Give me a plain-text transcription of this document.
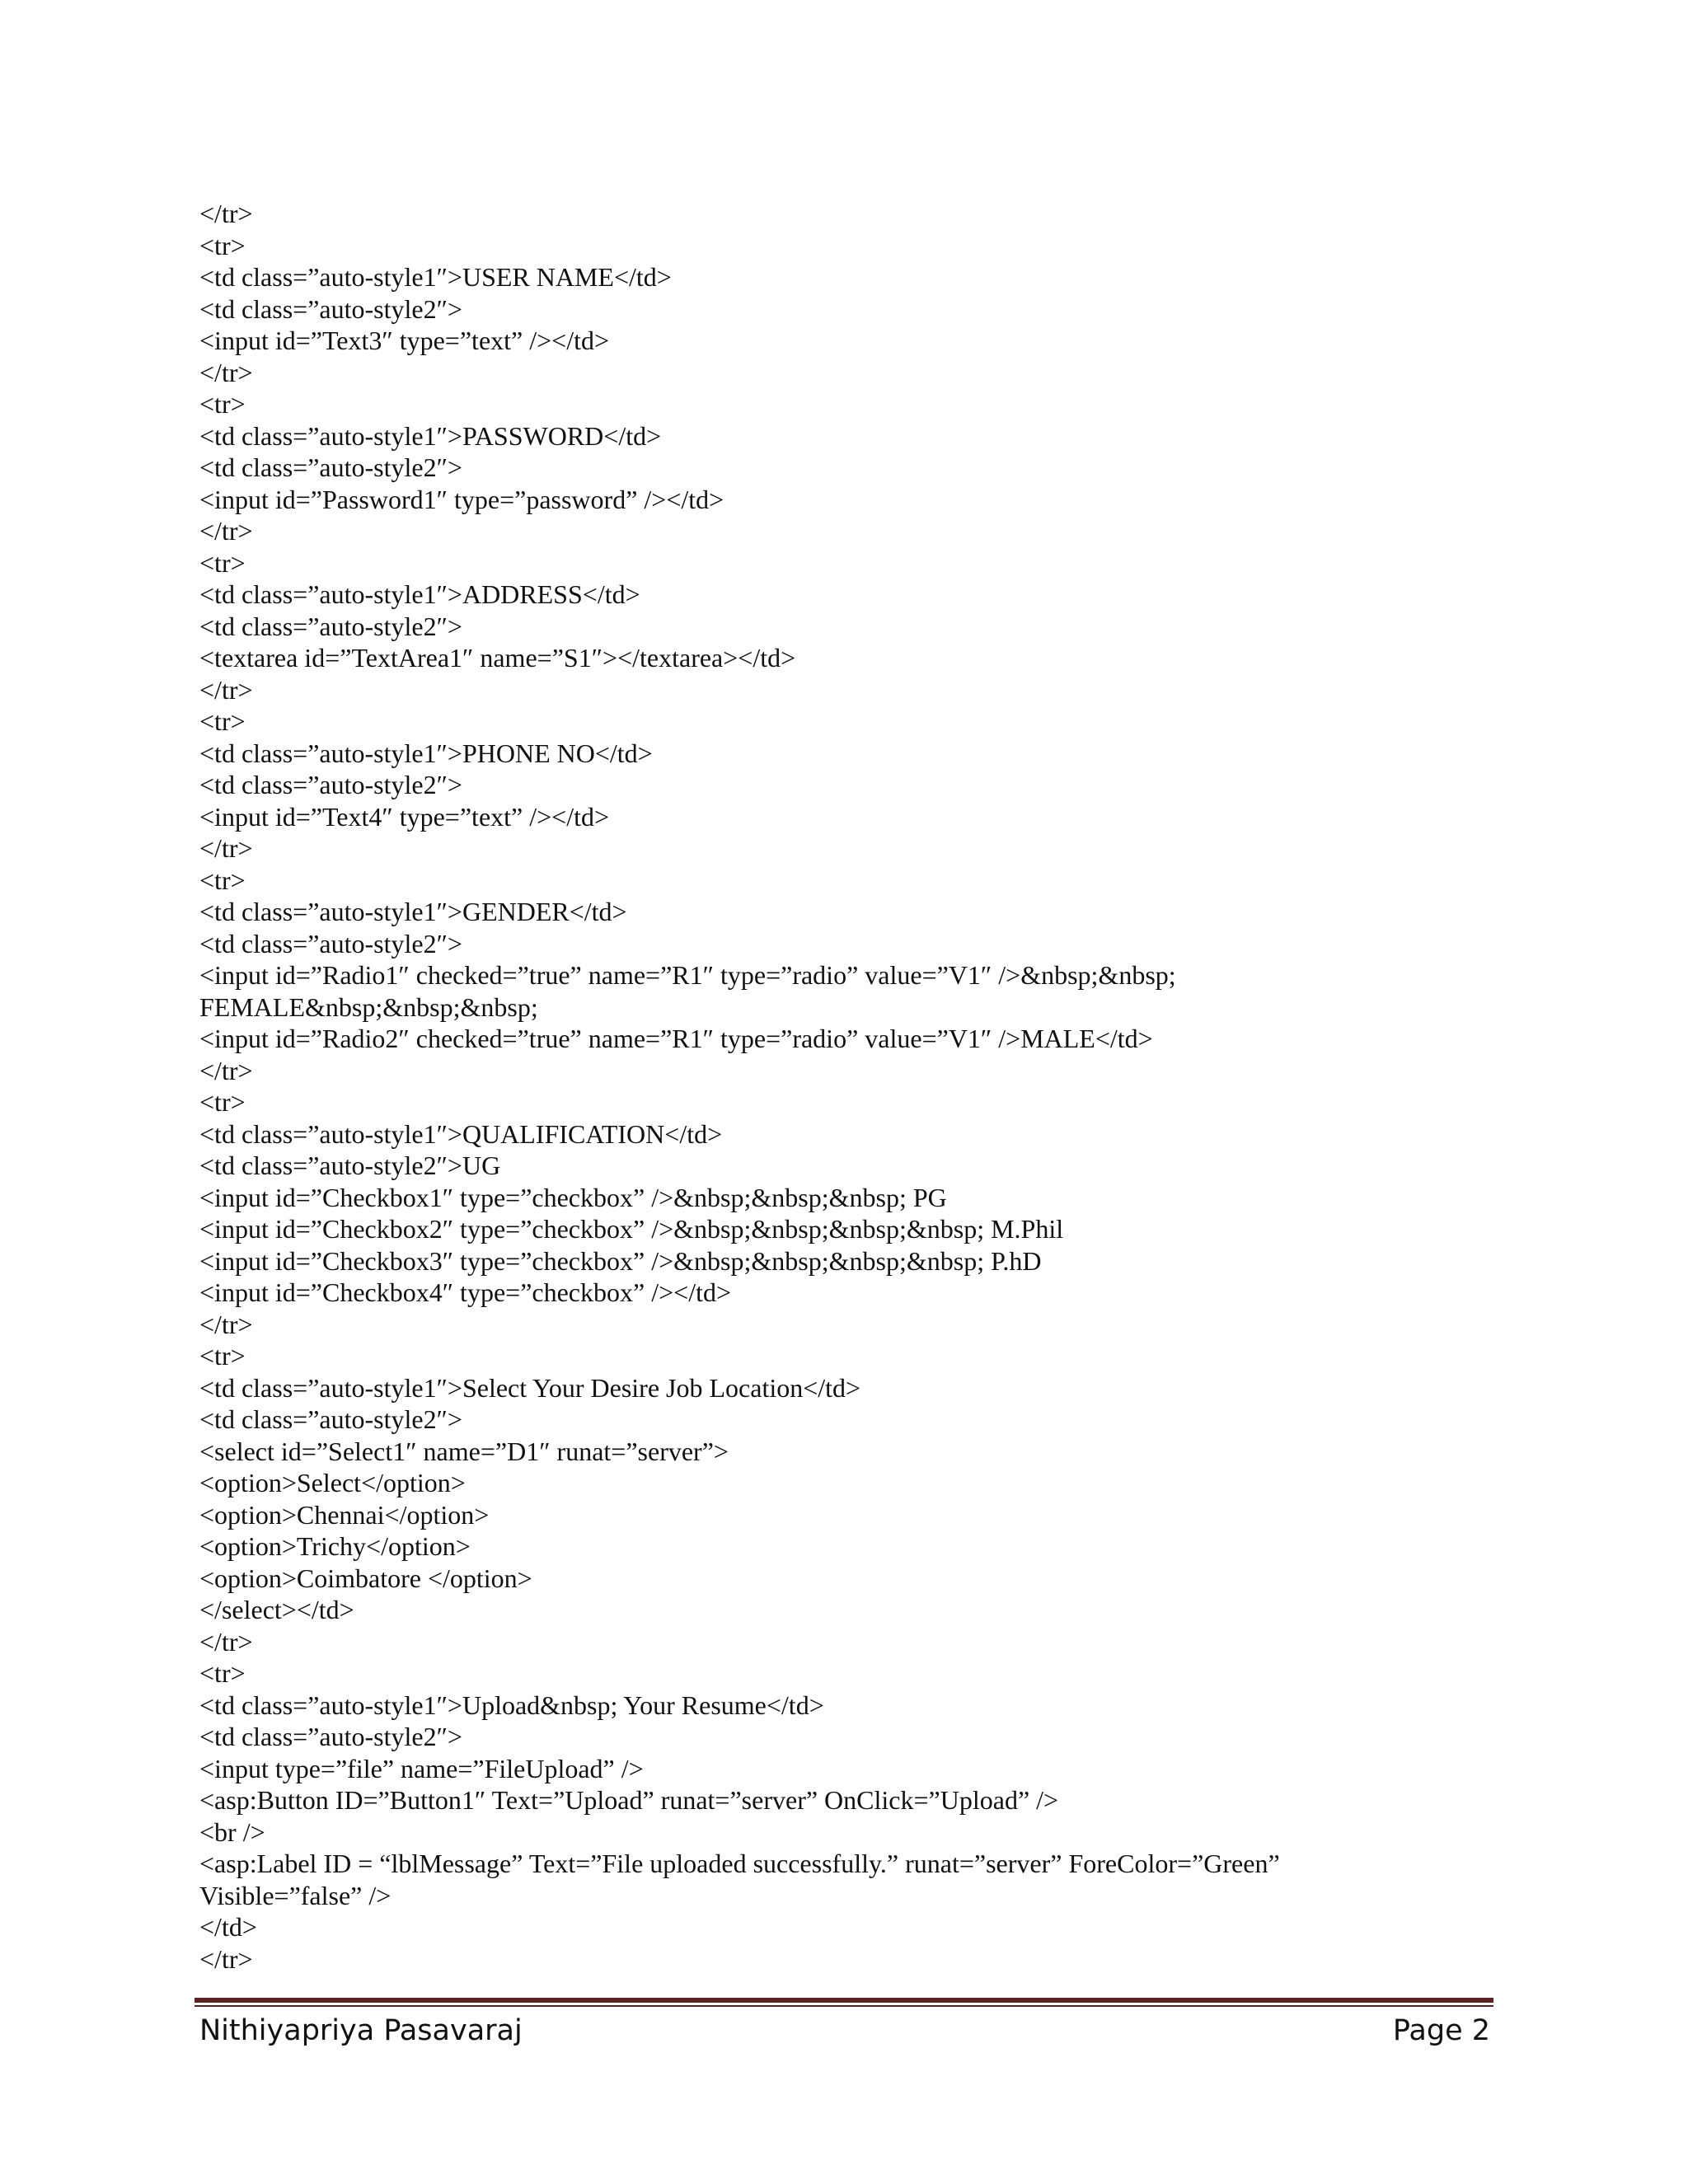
</tr>
<tr>
<td class=”auto-style1″>USER NAME</td>
<td class=”auto-style2″>
<input id=”Text3″ type=”text” /></td>
</tr>
<tr>
<td class=”auto-style1″>PASSWORD</td>
<td class=”auto-style2″>
<input id=”Password1″ type=”password” /></td>
</tr>
<tr>
<td class=”auto-style1″>ADDRESS</td>
<td class=”auto-style2″>
<textarea id=”TextArea1″ name=”S1″></textarea></td>
</tr>
<tr>
<td class=”auto-style1″>PHONE NO</td>
<td class=”auto-style2″>
<input id=”Text4″ type=”text” /></td>
</tr>
<tr>
<td class=”auto-style1″>GENDER</td>
<td class=”auto-style2″>
<input id=”Radio1″ checked=”true” name=”R1″ type=”radio” value=”V1″ />&nbsp;&nbsp;
FEMALE&nbsp;&nbsp;&nbsp;
<input id=”Radio2″ checked=”true” name=”R1″ type=”radio” value=”V1″ />MALE</td>
</tr>
<tr>
<td class=”auto-style1″>QUALIFICATION</td>
<td class=”auto-style2″>UG
<input id=”Checkbox1″ type=”checkbox” />&nbsp;&nbsp;&nbsp; PG
<input id=”Checkbox2″ type=”checkbox” />&nbsp;&nbsp;&nbsp;&nbsp; M.Phil
<input id=”Checkbox3″ type=”checkbox” />&nbsp;&nbsp;&nbsp;&nbsp; P.hD
<input id=”Checkbox4″ type=”checkbox” /></td>
</tr>
<tr>
<td class=”auto-style1″>Select Your Desire Job Location</td>
<td class=”auto-style2″>
<select id=”Select1″ name=”D1″ runat=”server”>
<option>Select</option>
<option>Chennai</option>
<option>Trichy</option>
<option>Coimbatore </option>
</select></td>
</tr>
<tr>
<td class=”auto-style1″>Upload&nbsp; Your Resume</td>
<td class=”auto-style2″>
<input type=”file” name=”FileUpload” />
<asp:Button ID=”Button1″ Text=”Upload” runat=”server” OnClick=”Upload” />
<br />
<asp:Label ID = “lblMessage” Text=”File uploaded successfully.” runat=”server” ForeColor=”Green”
Visible=”false” />
</td>
</tr>
Nithiyapriya Pasavaraj	Page 2
